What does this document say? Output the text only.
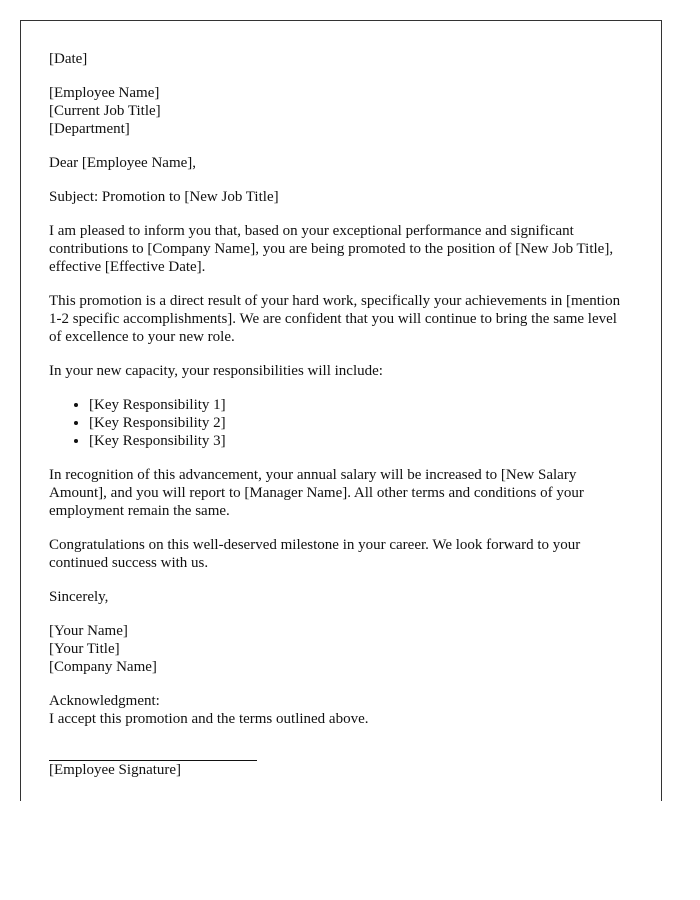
[Date]

[Employee Name]
[Current Job Title]
[Department]

Dear [Employee Name],

Subject: Promotion to [New Job Title]

I am pleased to inform you that, based on your exceptional performance and significant contributions to [Company Name], you are being promoted to the position of [New Job Title], effective [Effective Date].

This promotion is a direct result of your hard work, specifically your achievements in [mention 1-2 specific accomplishments]. We are confident that you will continue to bring the same level of excellence to your new role.

In your new capacity, your responsibilities will include:

• [Key Responsibility 1]
• [Key Responsibility 2]
• [Key Responsibility 3]

In recognition of this advancement, your annual salary will be increased to [New Salary Amount], and you will report to [Manager Name]. All other terms and conditions of your employment remain the same.

Congratulations on this well-deserved milestone in your career. We look forward to your continued success with us.

Sincerely,

[Your Name]
[Your Title]
[Company Name]

Acknowledgment:
I accept this promotion and the terms outlined above.

[Employee Signature]
